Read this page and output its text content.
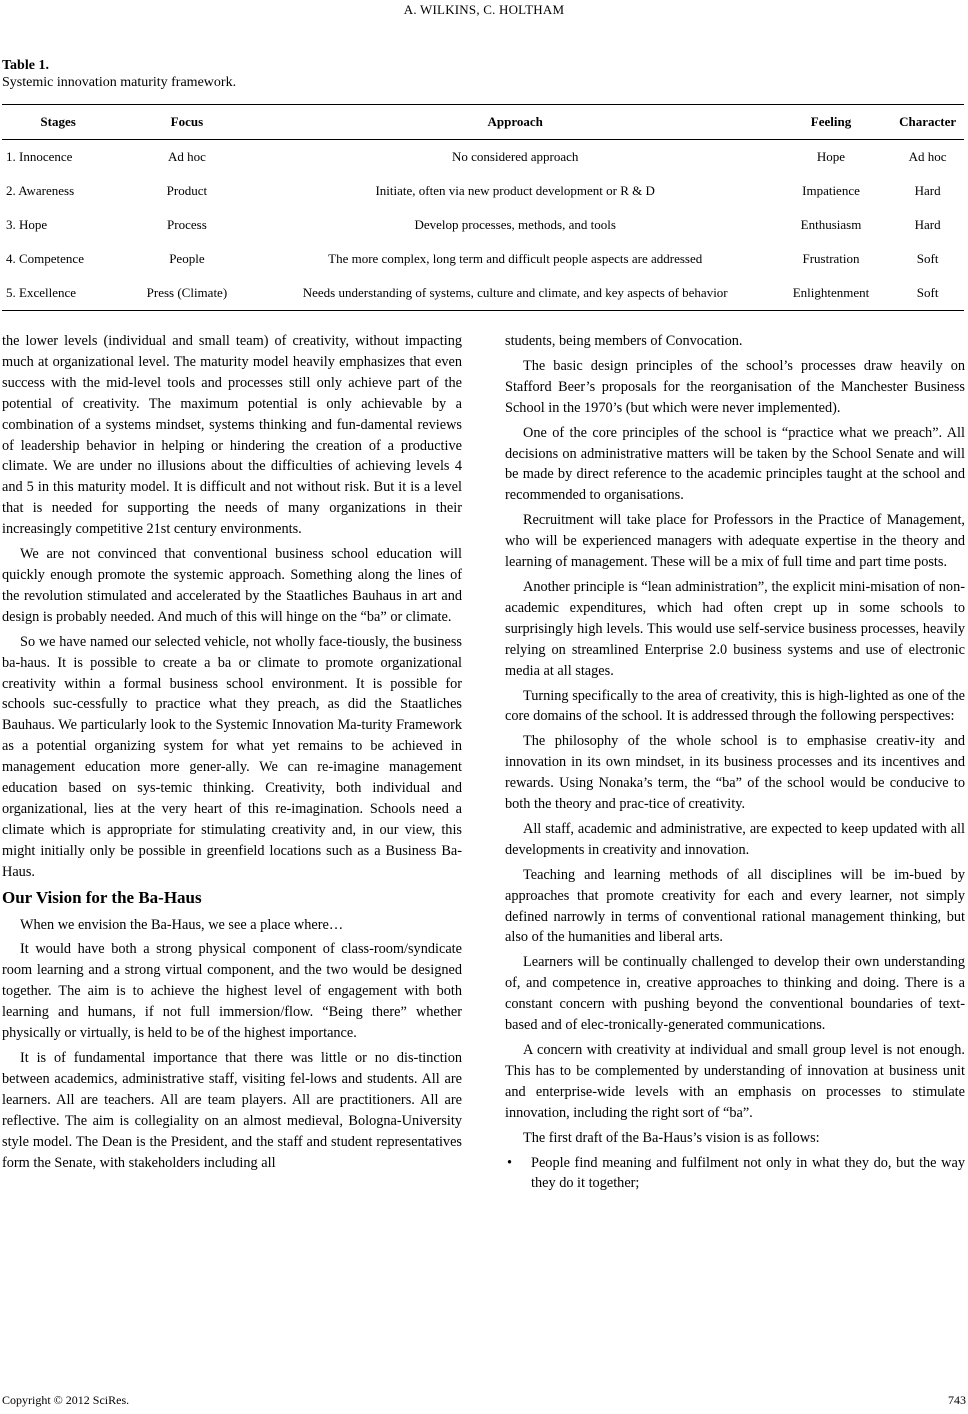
A. WILKINS, C. HOLTHAM
Table 1.
Systemic innovation maturity framework.
Stages	Focus	Approach	Feeling	Character
1. Innocence	Ad hoc	No considered approach	Hope	Ad hoc
2. Awareness	Product	Initiate, often via new product development or R & D	Impatience	Hard
3. Hope	Process	Develop processes, methods, and tools	Enthusiasm	Hard
4. Competence	People	The more complex, long term and difficult people aspects are addressed	Frustration	Soft
5. Excellence	Press (Climate)	Needs understanding of systems, culture and climate, and key aspects of behavior	Enlightenment	Soft

the lower levels (individual and small team) of creativity, without impacting much at organizational level. The maturity model heavily emphasizes that even success with the mid-level tools and processes still only achieve part of the potential of creativity. The maximum potential is only achievable by a combination of a systems mindset, systems thinking and fun-damental reviews of leadership behavior in helping or hindering the creation of a productive climate. We are under no illusions about the difficulties of achieving levels 4 and 5 in this maturity model. It is difficult and not without risk. But it is a level that is needed for supporting the needs of many organizations in their increasingly competitive 21st century environments.

We are not convinced that conventional business school education will quickly enough promote the systemic approach. Something along the lines of the revolution stimulated and accelerated by the Staatliches Bauhaus in art and design is probably needed. And much of this will hinge on the “ba” or climate.

So we have named our selected vehicle, not wholly face-tiously, the business ba-haus. It is possible to create a ba or climate to promote organizational creativity within a formal business school environment. It is possible for schools suc-cessfully to practice what they preach, as did the Staatliches Bauhaus. We particularly look to the Systemic Innovation Ma-turity Framework as a potential organizing system for what yet remains to be achieved in management education more gener-ally. We can re-imagine management education based on sys-temic thinking. Creativity, both individual and organizational, lies at the very heart of this re-imagination. Schools need a climate which is appropriate for stimulating creativity and, in our view, this might initially only be possible in greenfield locations such as a Business Ba-Haus.

Our Vision for the Ba-Haus

When we envision the Ba-Haus, we see a place where…

It would have both a strong physical component of class-room/syndicate room learning and a strong virtual component, and the two would be designed together. The aim is to achieve the highest level of engagement with both learning and humans, if not full immersion/flow. “Being there” whether physically or virtually, is held to be of the highest importance.

It is of fundamental importance that there was little or no dis-tinction between academics, administrative staff, visiting fel-lows and students. All are learners. All are teachers. All are team players. All are practitioners. All are reflective. The aim is collegiality on an almost medieval, Bologna-University style model. The Dean is the President, and the staff and student representatives form the Senate, with stakeholders including all

students, being members of Convocation.

The basic design principles of the school’s processes draw heavily on Stafford Beer’s proposals for the reorganisation of the Manchester Business School in the 1970’s (but which were never implemented).

One of the core principles of the school is “practice what we preach”. All decisions on administrative matters will be taken by the School Senate and will be made by direct reference to the academic principles taught at the school and recommended to organisations.

Recruitment will take place for Professors in the Practice of Management, who will be experienced managers with adequate expertise in the theory and learning of management. These will be a mix of full time and part time posts.

Another principle is “lean administration”, the explicit mini-misation of non-academic expenditures, which had often crept up in some schools to surprisingly high levels. This would use self-service business processes, heavily relying on streamlined Enterprise 2.0 business systems and use of electronic media at all stages.

Turning specifically to the area of creativity, this is high-lighted as one of the core domains of the school. It is addressed through the following perspectives:

The philosophy of the whole school is to emphasise creativ-ity and innovation in its own mindset, in its business processes and its incentives and rewards. Using Nonaka’s term, the “ba” of the school would be conducive to both the theory and prac-tice of creativity.

All staff, academic and administrative, are expected to keep updated with all developments in creativity and innovation.

Teaching and learning methods of all disciplines will be im-bued by approaches that promote creativity for each and every learner, not simply defined narrowly in terms of conventional rational management thinking, but also of the humanities and liberal arts.

Learners will be continually challenged to develop their own understanding of, and competence in, creative approaches to thinking and doing. There is a constant concern with pushing beyond the conventional boundaries of text-based and of elec-tronically-generated communications.

A concern with creativity at individual and small group level is not enough. This has to be complemented by understanding of innovation at business unit and enterprise-wide levels with an emphasis on processes to stimulate innovation, including the right sort of “ba”.

The first draft of the Ba-Haus’s vision is as follows:

• People find meaning and fulfilment not only in what they do, but the way they do it together;
Copyright © 2012 SciRes.	743
